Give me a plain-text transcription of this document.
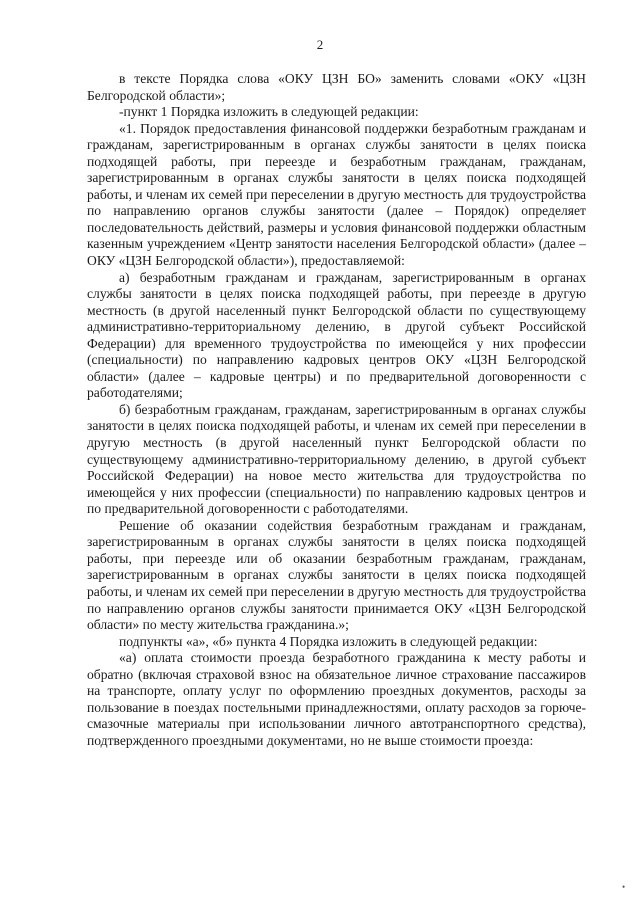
2

в тексте Порядка слова «ОКУ ЦЗН БО» заменить словами «ОКУ «ЦЗН Белгородской области»;

-пункт 1 Порядка изложить в следующей редакции:

«1. Порядок предоставления финансовой поддержки безработным гражданам и гражданам, зарегистрированным в органах службы занятости в целях поиска подходящей работы, при переезде и безработным гражданам, гражданам, зарегистрированным в органах службы занятости в целях поиска подходящей работы, и членам их семей при переселении в другую местность для трудоустройства по направлению органов службы занятости (далее – Порядок) определяет последовательность действий, размеры и условия финансовой поддержки областным казенным учреждением «Центр занятости населения Белгородской области» (далее – ОКУ «ЦЗН Белгородской области»), предоставляемой:

а) безработным гражданам и гражданам, зарегистрированным в органах службы занятости в целях поиска подходящей работы, при переезде в другую местность (в другой населенный пункт Белгородской области по существующему административно-территориальному делению, в другой субъект Российской Федерации) для временного трудоустройства по имеющейся у них профессии (специальности) по направлению кадровых центров ОКУ «ЦЗН Белгородской области» (далее – кадровые центры) и по предварительной договоренности с работодателями;

б) безработным гражданам, гражданам, зарегистрированным в органах службы занятости в целях поиска подходящей работы, и членам их семей при переселении в другую местность (в другой населенный пункт Белгородской области по существующему административно-территориальному делению, в другой субъект Российской Федерации) на новое место жительства для трудоустройства по имеющейся у них профессии (специальности) по направлению кадровых центров и по предварительной договоренности с работодателями.

Решение об оказании содействия безработным гражданам и гражданам, зарегистрированным в органах службы занятости в целях поиска подходящей работы, при переезде или об оказании безработным гражданам, гражданам, зарегистрированным в органах службы занятости в целях поиска подходящей работы, и членам их семей при переселении в другую местность для трудоустройства по направлению органов службы занятости принимается ОКУ «ЦЗН Белгородской области» по месту жительства гражданина.»;

подпункты «а», «б» пункта 4 Порядка изложить в следующей редакции:

«а) оплата стоимости проезда безработного гражданина к месту работы и обратно (включая страховой взнос на обязательное личное страхование пассажиров на транспорте, оплату услуг по оформлению проездных документов, расходы за пользование в поездах постельными принадлежностями, оплату расходов за горюче-смазочные материалы при использовании личного автотранспортного средства), подтвержденного проездными документами, но не выше стоимости проезда:

•
